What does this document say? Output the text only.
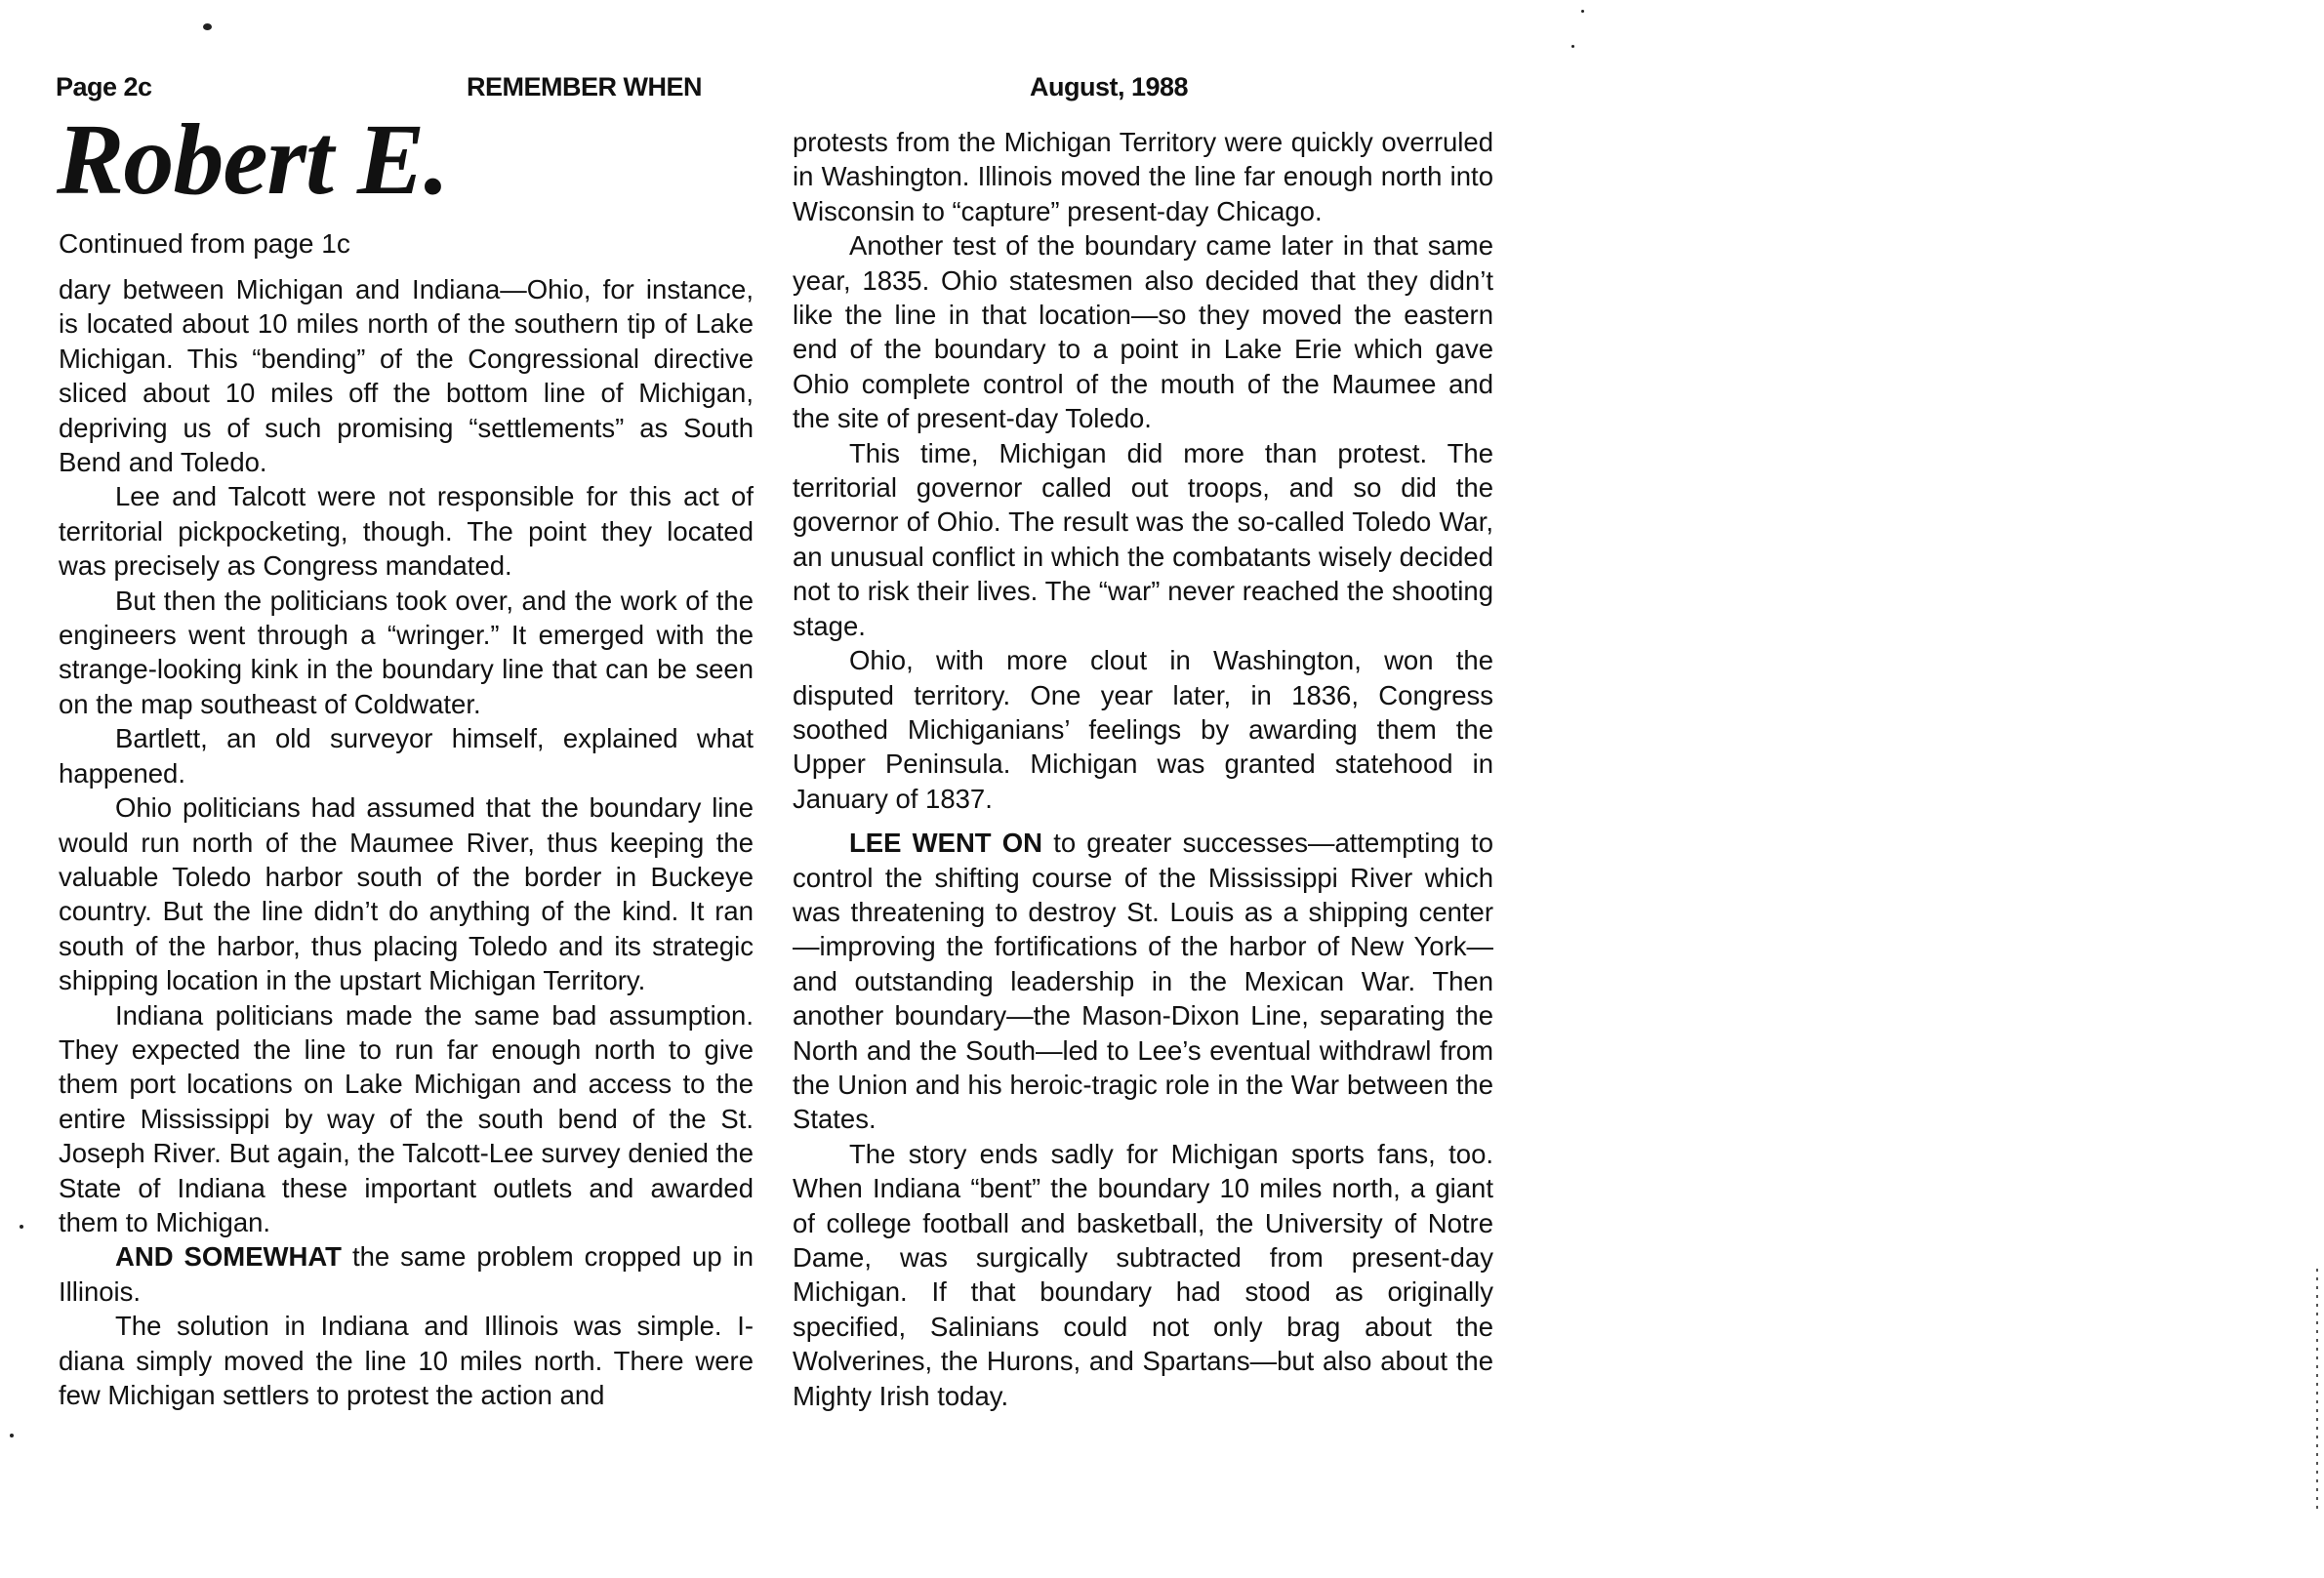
Page 2c	REMEMBER WHEN	August, 1988
Robert E.
Continued from page 1c

dary between Michigan and Indiana—Ohio, for instance, is located about 10 miles north of the southern tip of Lake Michigan. This “bending” of the Congressional directive sliced about 10 miles off the bottom line of Michigan, depriving us of such promising “settlements” as South Bend and Toledo.

Lee and Talcott were not responsible for this act of territorial pickpocketing, though. The point they located was precisely as Congress mandated.

But then the politicians took over, and the work of the engineers went through a “wringer.” It emerged with the strange-looking kink in the boundary line that can be seen on the map southeast of Coldwater.

Bartlett, an old surveyor himself, explained what happened.

Ohio politicians had assumed that the boundary line would run north of the Maumee River, thus keeping the valuable Toledo harbor south of the border in Buckeye country. But the line didn’t do anything of the kind. It ran south of the harbor, thus placing Toledo and its strategic shipping location in the upstart Michigan Territory.

Indiana politicians made the same bad assumption. They expected the line to run far enough north to give them port locations on Lake Michigan and access to the entire Mississippi by way of the south bend of the St. Joseph River. But again, the Talcott-Lee survey denied the State of Indiana these important outlets and awarded them to Michigan.

AND SOMEWHAT the same problem cropped up in Illinois.

The solution in Indiana and Illinois was simple. I-diana simply moved the line 10 miles north. There were few Michigan settlers to protest the action and

protests from the Michigan Territory were quickly overruled in Washington. Illinois moved the line far enough north into Wisconsin to “capture” present-day Chicago.

Another test of the boundary came later in that same year, 1835. Ohio statesmen also decided that they didn’t like the line in that location—so they moved the eastern end of the boundary to a point in Lake Erie which gave Ohio complete control of the mouth of the Maumee and the site of present-day Toledo.

This time, Michigan did more than protest. The territorial governor called out troops, and so did the governor of Ohio. The result was the so-called Toledo War, an unusual conflict in which the combatants wisely decided not to risk their lives. The “war” never reached the shooting stage.

Ohio, with more clout in Washington, won the disputed territory. One year later, in 1836, Congress soothed Michiganians’ feelings by awarding them the Upper Peninsula. Michigan was granted statehood in January of 1837.

LEE WENT ON to greater successes—attempting to control the shifting course of the Mississippi River which was threatening to destroy St. Louis as a shipping center—improving the fortifications of the harbor of New York—and outstanding leadership in the Mexican War. Then another boundary—the Mason-Dixon Line, separating the North and the South—led to Lee’s eventual withdrawl from the Union and his heroic-tragic role in the War between the States.

The story ends sadly for Michigan sports fans, too. When Indiana “bent” the boundary 10 miles north, a giant of college football and basketball, the University of Notre Dame, was surgically subtracted from present-day Michigan. If that boundary had stood as originally specified, Salinians could not only brag about the Wolverines, the Hurons, and Spartans—but also about the Mighty Irish today.
